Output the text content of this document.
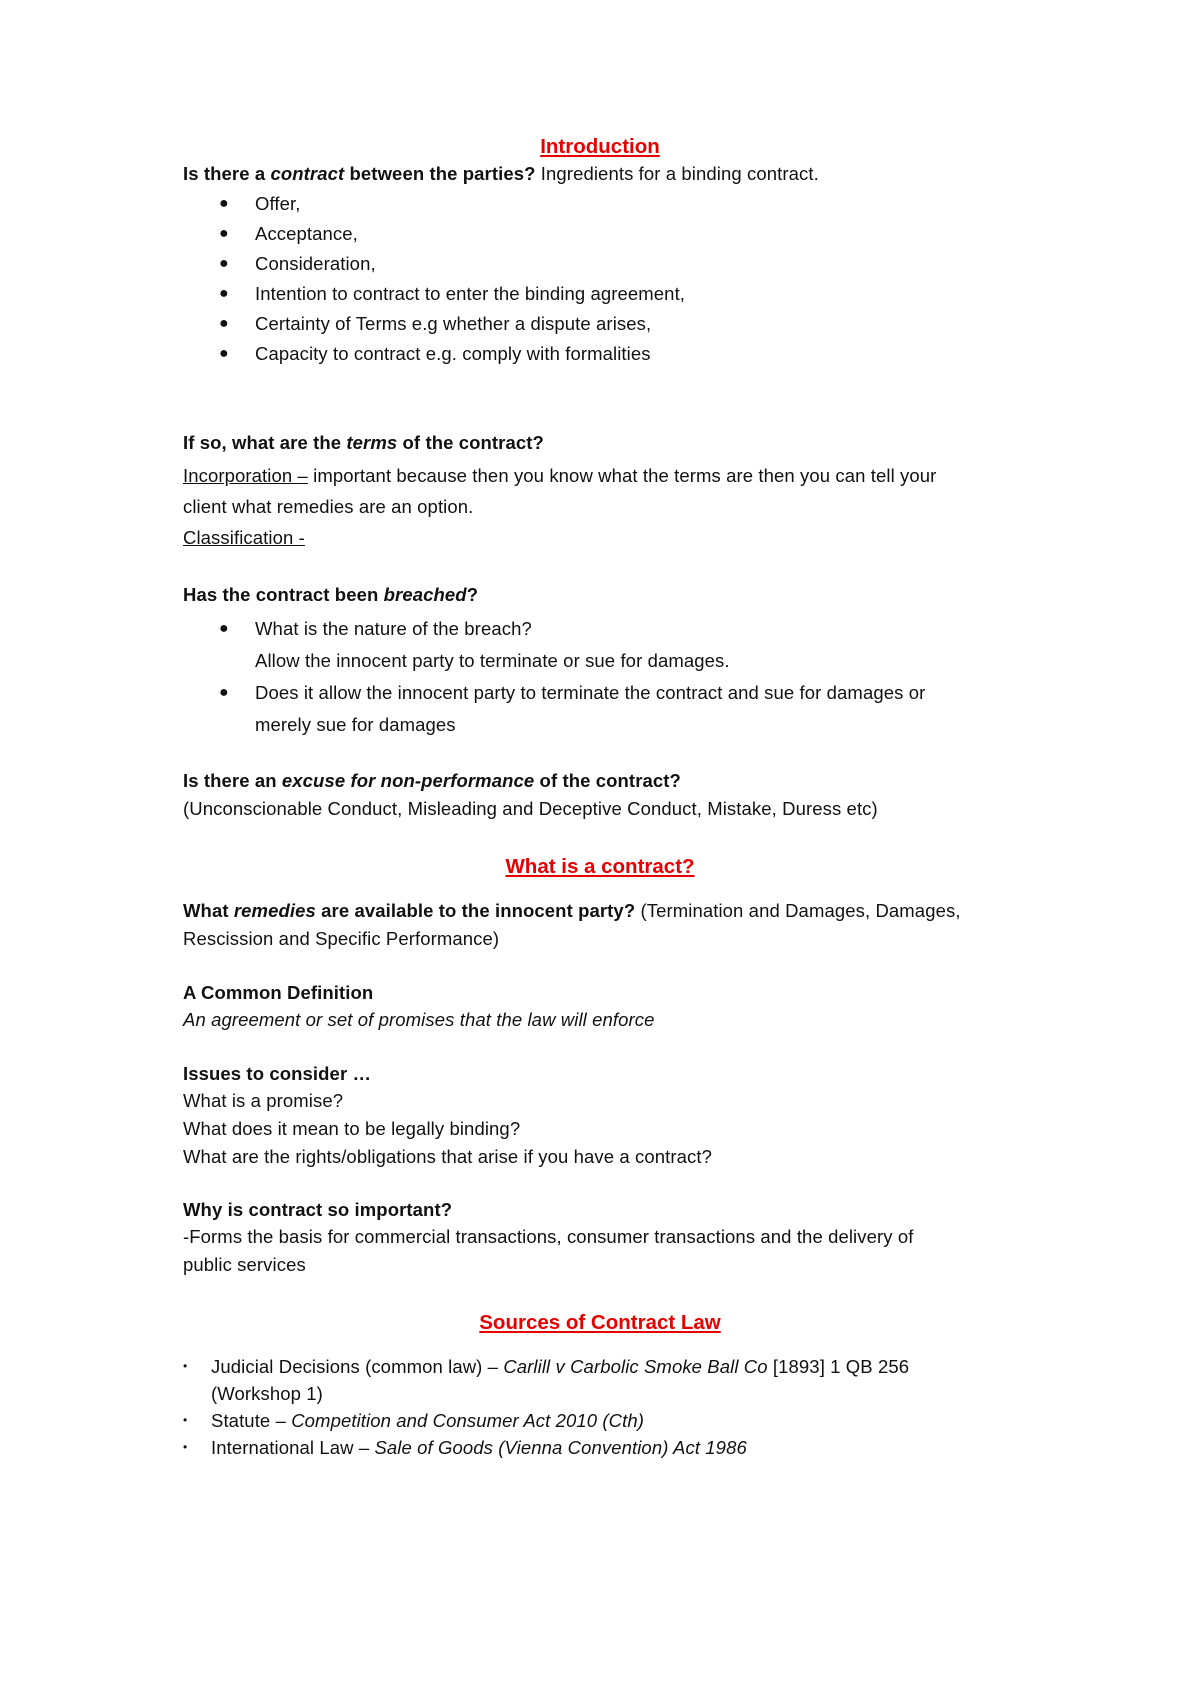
Introduction
Is there a contract between the parties? Ingredients for a binding contract.
● Offer,
● Acceptance,
● Consideration,
● Intention to contract to enter the binding agreement,
● Certainty of Terms e.g whether a dispute arises,
● Capacity to contract e.g. comply with formalities
If so, what are the terms of the contract?
Incorporation – important because then you know what the terms are then you can tell your
client what remedies are an option.
Classification -
Has the contract been breached?
● What is the nature of the breach?
Allow the innocent party to terminate or sue for damages.
● Does it allow the innocent party to terminate the contract and sue for damages or
merely sue for damages
Is there an excuse for non-performance of the contract?
(Unconscionable Conduct, Misleading and Deceptive Conduct, Mistake, Duress etc)
What is a contract?
What remedies are available to the innocent party? (Termination and Damages, Damages,
Rescission and Specific Performance)
A Common Definition
An agreement or set of promises that the law will enforce
Issues to consider …
What is a promise?
What does it mean to be legally binding?
What are the rights/obligations that arise if you have a contract?
Why is contract so important?
-Forms the basis for commercial transactions, consumer transactions and the delivery of
public services
Sources of Contract Law
• Judicial Decisions (common law) – Carlill v Carbolic Smoke Ball Co [1893] 1 QB 256
(Workshop 1)
• Statute – Competition and Consumer Act 2010 (Cth)
• International Law – Sale of Goods (Vienna Convention) Act 1986
